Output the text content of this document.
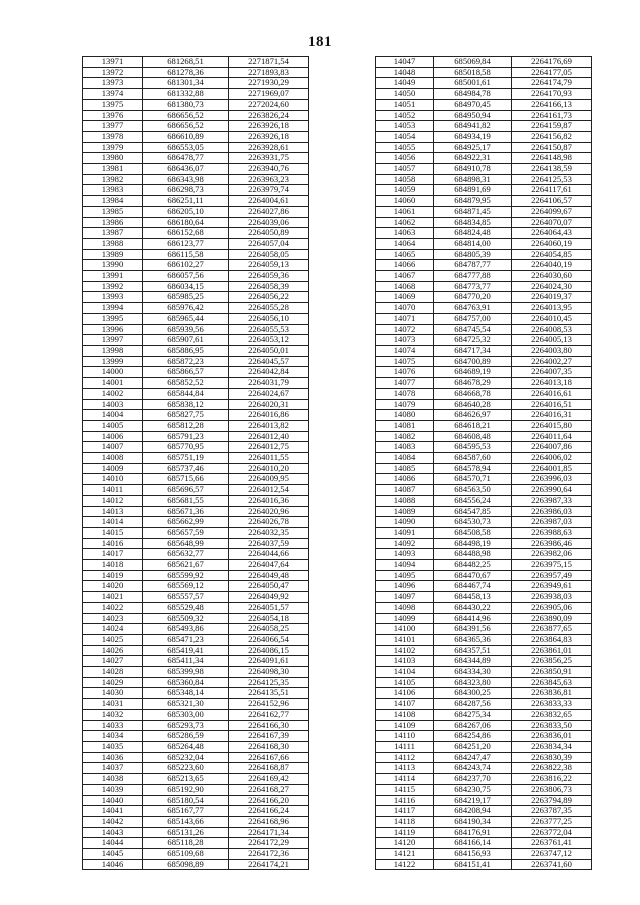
181
13971	681268,51	2271871,54
13972	681278,36	2271893,83
13973	681301,34	2271930,29
13974	681332,88	2271969,07
13975	681380,73	2272024,60
13976	686656,52	2263826,24
13977	686656,52	2263926,18
13978	686610,89	2263926,18
13979	686553,05	2263928,61
13980	686478,77	2263931,75
13981	686436,07	2263940,76
13982	686343,98	2263963,23
13983	686298,73	2263979,74
13984	686251,11	2264004,61
13985	686205,10	2264027,86
13986	686180,64	2264039,06
13987	686152,68	2264050,89
13988	686123,77	2264057,04
13989	686115,58	2264058,05
13990	686102,27	2264059,13
13991	686057,56	2264059,36
13992	686034,15	2264058,39
13993	685985,25	2264056,22
13994	685976,42	2264055,28
13995	685965,44	2264056,10
13996	685939,56	2264055,53
13997	685907,61	2264053,12
13998	685886,95	2264050,01
13999	685872,23	2264045,57
14000	685866,57	2264042,84
14001	685852,52	2264031,79
14002	685844,84	2264024,67
14003	685838,12	2264020,31
14004	685827,75	2264016,86
14005	685812,28	2264013,82
14006	685791,23	2264012,40
14007	685770,95	2264012,75
14008	685751,19	2264011,55
14009	685737,46	2264010,20
14010	685715,66	2264009,95
14011	685696,57	2264012,54
14012	685681,55	2264016,36
14013	685671,36	2264020,96
14014	685662,99	2264026,78
14015	685657,59	2264032,35
14016	685648,99	2264037,59
14017	685632,77	2264044,66
14018	685621,67	2264047,64
14019	685599,92	2264049,48
14020	685569,12	2264050,47
14021	685557,57	2264049,92
14022	685529,48	2264051,57
14023	685509,32	2264054,18
14024	685493,86	2264058,25
14025	685471,23	2264066,54
14026	685419,41	2264086,15
14027	685411,34	2264091,61
14028	685399,98	2264098,30
14029	685360,84	2264125,35
14030	685348,14	2264135,51
14031	685321,30	2264152,96
14032	685303,00	2264162,77
14033	685293,73	2264166,30
14034	685286,59	2264167,39
14035	685264,48	2264168,30
14036	685232,04	2264167,66
14037	685223,60	2264168,87
14038	685213,65	2264169,42
14039	685192,90	2264168,27
14040	685180,54	2264166,20
14041	685167,77	2264166,24
14042	685143,66	2264168,96
14043	685131,26	2264171,34
14044	685118,28	2264172,29
14045	685109,68	2264172,36
14046	685098,89	2264174,21
14047	685069,84	2264176,69
14048	685018,58	2264177,05
14049	685001,61	2264174,79
14050	684984,78	2264170,93
14051	684970,45	2264166,13
14052	684950,94	2264161,73
14053	684941,82	2264159,87
14054	684934,19	2264156,82
14055	684925,17	2264150,87
14056	684922,31	2264148,98
14057	684910,78	2264138,59
14058	684898,31	2264125,53
14059	684891,69	2264117,61
14060	684879,95	2264106,57
14061	684871,45	2264099,67
14062	684834,85	2264070,07
14063	684824,48	2264064,43
14064	684814,00	2264060,19
14065	684805,39	2264054,85
14066	684787,77	2264040,19
14067	684777,88	2264030,60
14068	684773,77	2264024,30
14069	684770,20	2264019,37
14070	684763,91	2264013,95
14071	684757,00	2264010,45
14072	684745,54	2264008,53
14073	684725,32	2264005,13
14074	684717,34	2264003,80
14075	684700,89	2264002,27
14076	684689,19	2264007,35
14077	684678,29	2264013,18
14078	684668,78	2264016,61
14079	684640,28	2264016,51
14080	684626,97	2264016,31
14081	684618,21	2264015,80
14082	684608,48	2264011,64
14083	684595,53	2264007,86
14084	684587,60	2264006,02
14085	684578,94	2264001,85
14086	684570,71	2263996,03
14087	684563,50	2263990,64
14088	684556,24	2263987,33
14089	684547,85	2263986,03
14090	684530,73	2263987,03
14091	684508,58	2263988,63
14092	684498,19	2263986,46
14093	684488,98	2263982,06
14094	684482,25	2263975,15
14095	684470,67	2263957,49
14096	684467,74	2263949,61
14097	684458,13	2263938,03
14098	684430,22	2263905,06
14099	684414,96	2263890,09
14100	684391,56	2263877,65
14101	684365,36	2263864,83
14102	684357,51	2263861,01
14103	684344,89	2263856,25
14104	684334,30	2263850,91
14105	684323,80	2263845,63
14106	684300,25	2263836,81
14107	684287,56	2263833,33
14108	684275,34	2263832,65
14109	684267,06	2263833,50
14110	684254,86	2263836,01
14111	684251,20	2263834,34
14112	684247,47	2263830,39
14113	684243,74	2263822,38
14114	684237,70	2263816,22
14115	684230,75	2263806,73
14116	684219,17	2263794,89
14117	684208,94	2263787,35
14118	684190,34	2263777,25
14119	684176,91	2263772,04
14120	684166,14	2263761,41
14121	684156,93	2263747,12
14122	684151,41	2263741,60
